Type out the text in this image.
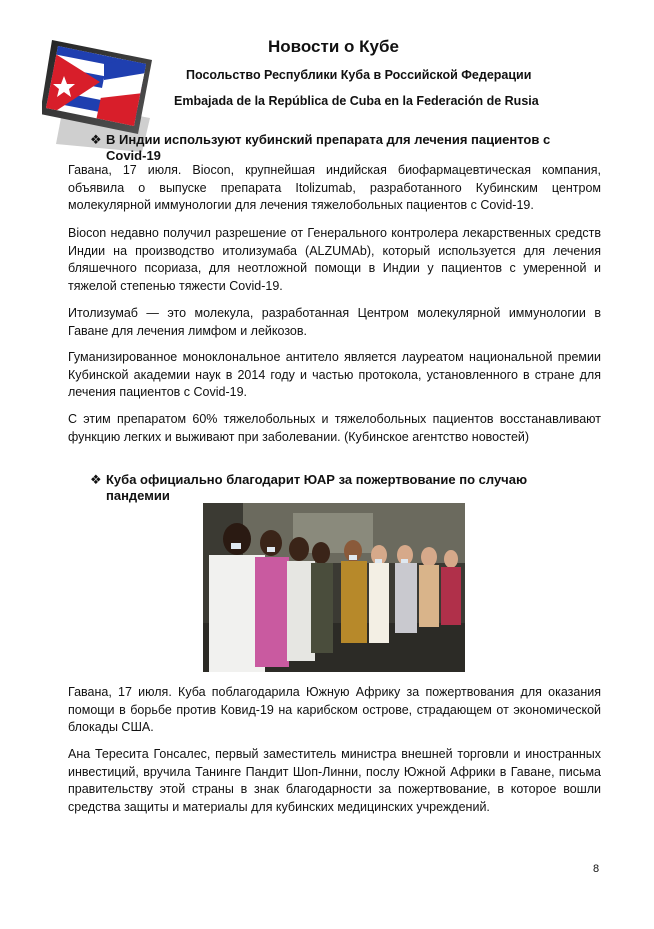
Новости о Кубе

Посольство Республики Куба в Российской Федерации

Embajada de la República de Cuba en la Federación de Rusia

❖ В Индии используют кубинский препарата для лечения пациентов с Covid-19

Гавана, 17 июля. Biocon, крупнейшая индийская биофармацевтическая компания, объявила о выпуске препарата Itolizumab, разработанного Кубинским центром молекулярной иммунологии для лечения тяжелобольных пациентов с Covid-19.

Biocon недавно получил разрешение от Генерального контролера лекарственных средств Индии на производство итолизумаба (ALZUMAb), который используется для лечения бляшечного псориаза, для неотложной помощи в Индии у пациентов с умеренной и тяжелой степенью тяжести Covid-19.

Итолизумаб — это молекула, разработанная Центром молекулярной иммунологии в Гаване для лечения лимфом и лейкозов.

Гуманизированное моноклональное антитело является лауреатом национальной премии Кубинской академии наук в 2014 году и частью протокола, установленного в стране для лечения пациентов с Covid-19.

С этим препаратом 60% тяжелобольных и тяжелобольных пациентов восстанавливают функцию легких и выживают при заболевании. (Кубинское агентство новостей)

❖ Куба официально благодарит ЮАР за пожертвование по случаю пандемии

Гавана, 17 июля. Куба поблагодарила Южную Африку за пожертвования для оказания помощи в борьбе против Ковид-19 на карибском острове, страдающем от экономической блокады США.

Ана Тереситa Гонсалес, первый заместитель министра внешней торговли и иностранных инвестиций, вручила Танинге Пандит Шоп-Линни, послу Южной Африки в Гаване, письма правительству этой страны в знак благодарности за пожертвование, в которое вошли средства защиты и материалы для кубинских медицинских учреждений.

8
